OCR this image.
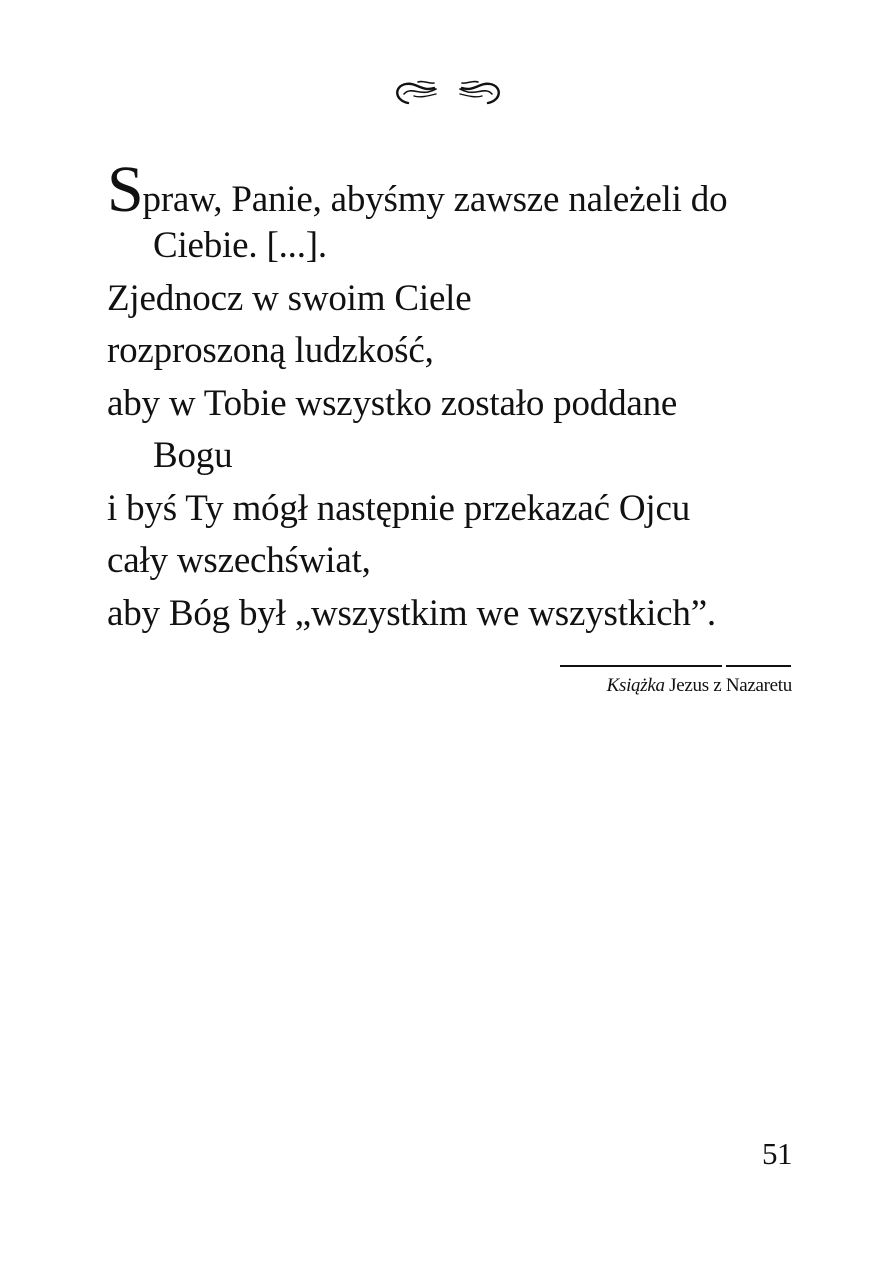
Spraw, Panie, abyśmy zawsze należeli do
Ciebie. [...].
Zjednocz w swoim Ciele
rozproszoną ludzkość,
aby w Tobie wszystko zostało poddane
Bogu
i byś Ty mógł następnie przekazać Ojcu
cały wszechświat,
aby Bóg był „wszystkim we wszystkich”.
Książka Jezus z Nazaretu
51
